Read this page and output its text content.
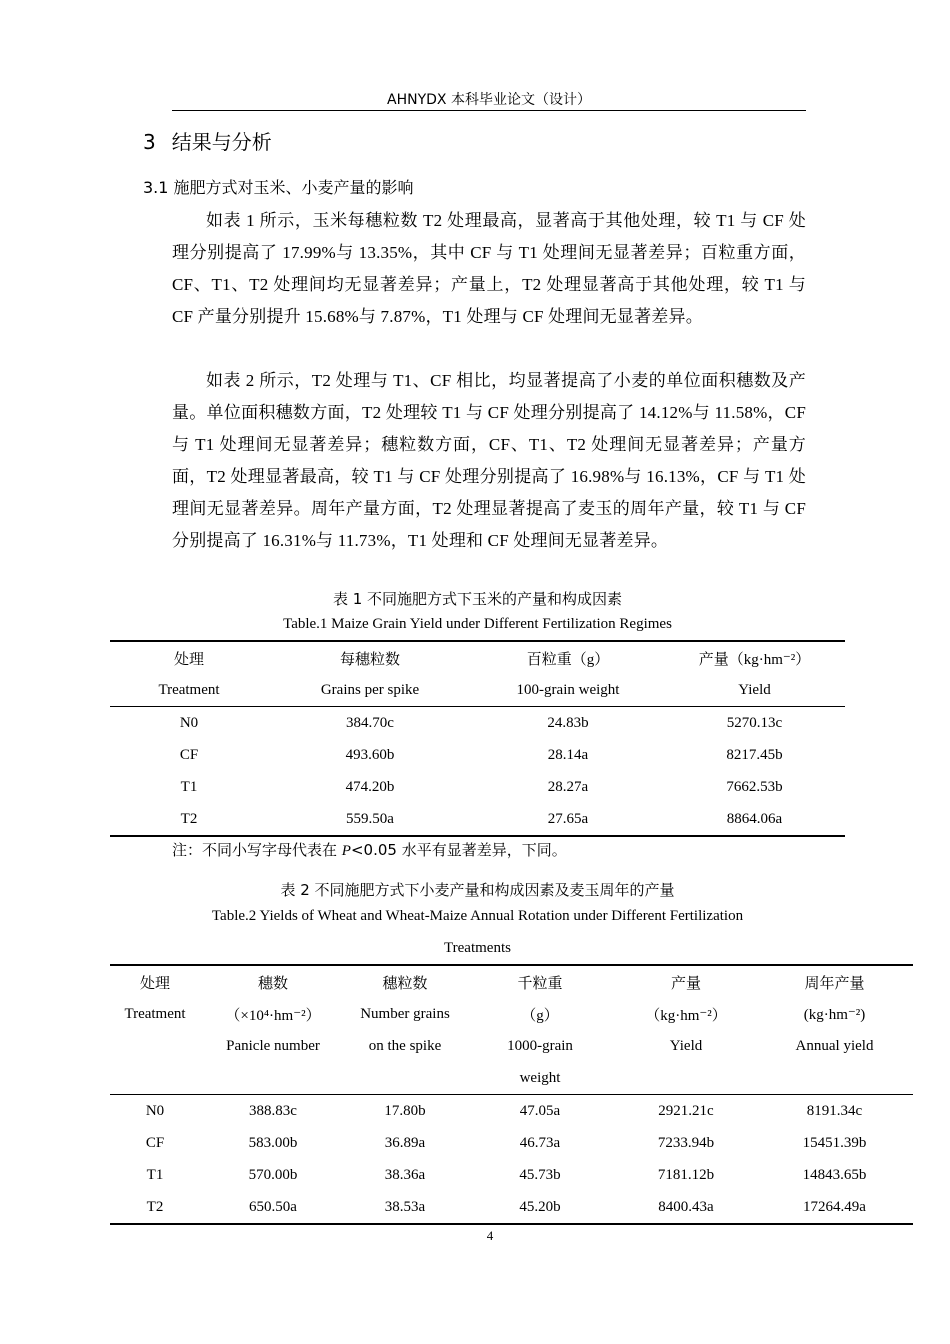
AHNYDX 本科毕业论文（设计）
3 结果与分析
3.1 施肥方式对玉米、小麦产量的影响

如表 1 所示，玉米每穗粒数 T2 处理最高，显著高于其他处理，较 T1 与 CF 处理分别提高了 17.99%与 13.35%，其中 CF 与 T1 处理间无显著差异；百粒重方面，CF、T1、T2 处理间均无显著差异；产量上，T2 处理显著高于其他处理，较 T1 与 CF 产量分别提升 15.68%与 7.87%，T1 处理与 CF 处理间无显著差异。

如表 2 所示，T2 处理与 T1、CF 相比，均显著提高了小麦的单位面积穗数及产量。单位面积穗数方面，T2 处理较 T1 与 CF 处理分别提高了 14.12%与 11.58%，CF 与 T1 处理间无显著差异；穗粒数方面，CF、T1、T2 处理间无显著差异；产量方面，T2 处理显著最高，较 T1 与 CF 处理分别提高了 16.98%与 16.13%，CF 与 T1 处理间无显著差异。周年产量方面，T2 处理显著提高了麦玉的周年产量，较 T1 与 CF 分别提高了 16.31%与 11.73%，T1 处理和 CF 处理间无显著差异。

表 1 不同施肥方式下玉米的产量和构成因素
Table.1 Maize Grain Yield under Different Fertilization Regimes
处理	每穗粒数	百粒重（g）	产量（kg·hm⁻²）
Treatment	Grains per spike	100-grain weight	Yield
N0	384.70c	24.83b	5270.13c
CF	493.60b	28.14a	8217.45b
T1	474.20b	28.27a	7662.53b
T2	559.50a	27.65a	8864.06a
注：不同小写字母代表在 P<0.05 水平有显著差异，下同。
表 2 不同施肥方式下小麦产量和构成因素及麦玉周年的产量
Table.2 Yields of Wheat and Wheat-Maize Annual Rotation under Different Fertilization
Treatments
处理	穗数	穗粒数	千粒重	产量	周年产量
Treatment	（×10⁴·hm⁻²）	Number grains	（g）	（kg·hm⁻²）	(kg·hm⁻²)
	Panicle number	on the spike	1000-grain	Yield	Annual yield
			weight		
N0	388.83c	17.80b	47.05a	2921.21c	8191.34c
CF	583.00b	36.89a	46.73a	7233.94b	15451.39b
T1	570.00b	38.36a	45.73b	7181.12b	14843.65b
T2	650.50a	38.53a	45.20b	8400.43a	17264.49a
4
